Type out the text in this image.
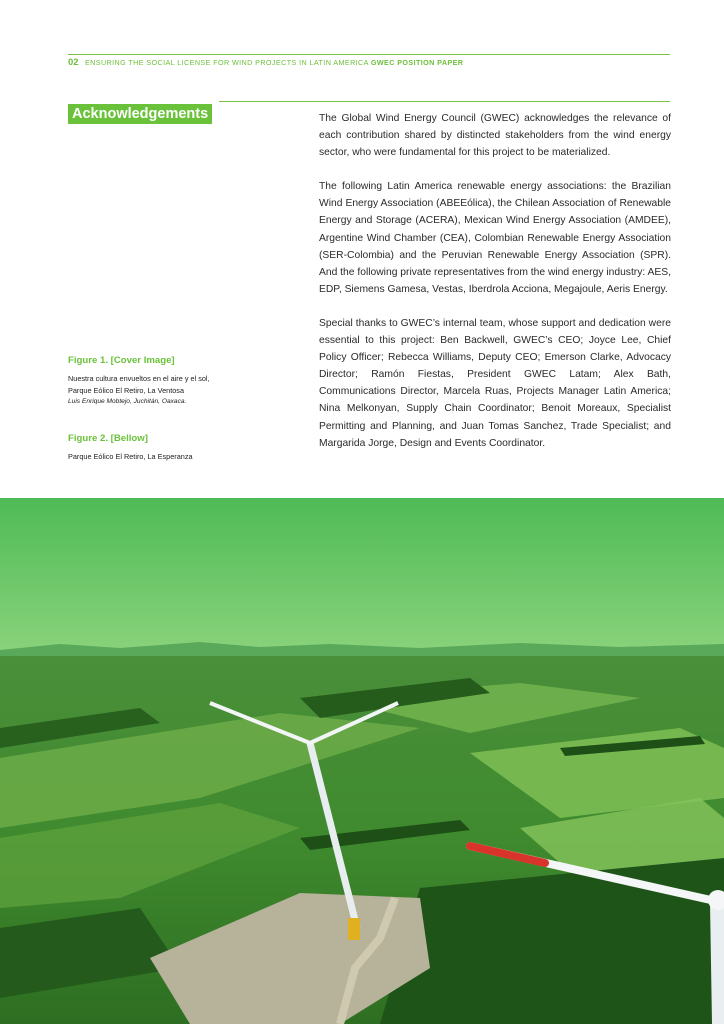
02 ENSURING THE SOCIAL LICENSE FOR WIND PROJECTS IN LATIN AMERICA GWEC POSITION PAPER
Acknowledgements	The Global Wind Energy Council (GWEC) acknowledges the relevance of each contribution shared by distincted stakeholders from the wind energy sector, who were fundamental for this project to be materialized.

The following Latin America renewable energy associations: the Brazilian Wind Energy Association (ABEEólica), the Chilean Association of Renewable Energy and Storage (ACERA), Mexican Wind Energy Association (AMDEE), Argentine Wind Chamber (CEA), Colombian Renewable Energy Association (SER-Colombia) and the Peruvian Renewable Energy Association (SPR). And the following private representatives from the wind energy industry: AES, EDP, Siemens Gamesa, Vestas, Iberdrola Acciona, Megajoule, Aeris Energy.

Special thanks to GWEC’s internal team, whose support and dedication were essential to this project: Ben Backwell, GWEC’s CEO; Joyce Lee, Chief Policy Officer; Rebecca Williams, Deputy CEO; Emerson Clarke, Advocacy Director; Ramón Fiestas, President GWEC Latam; Alex Bath, Communications Director, Marcela Ruas, Projects Manager Latin America; Nina Melkonyan, Supply Chain Coordinator; Benoit Moreaux, Specialist Permitting and Planning, and Juan Tomas Sanchez, Trade Specialist; and Margarida Jorge, Design and Events Coordinator.

Figure 1. [Cover Image]
Nuestra cultura envueltos en el aire y el sol,
Parque Eólico El Retiro, La Ventosa
Luis Enrique Mobtejo, Juchitán, Oaxaca.
Figure 2. [Bellow]
Parque Eólico El Retiro, La Esperanza
